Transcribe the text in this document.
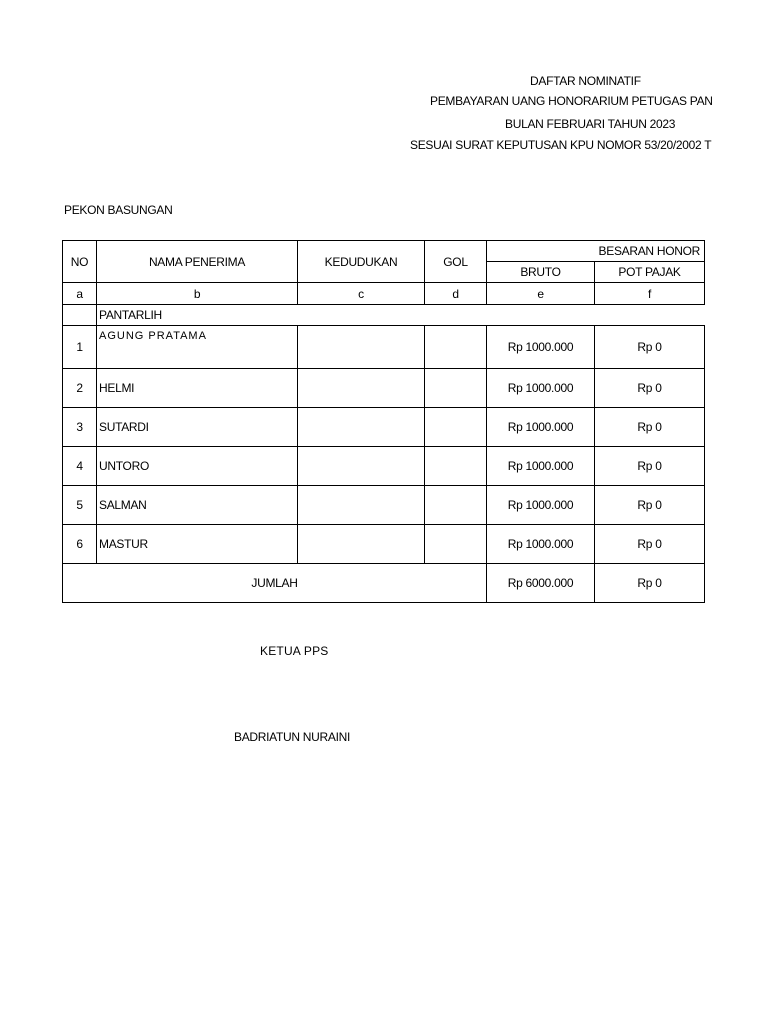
DAFTAR NOMINATIF
PEMBAYARAN UANG HONORARIUM PETUGAS PAN
BULAN FEBRUARI TAHUN 2023
SESUAI SURAT KEPUTUSAN KPU NOMOR 53/20/2002 T
PEKON BASUNGAN
NO	NAMA PENERIMA	KEDUDUKAN	GOL	BESARAN HONOR	
				BRUTO	POT PAJAK
a	b	c	d	e	f
	PANTARLIH				
1	AGUNG PRATAMA			Rp 1000.000	Rp 0
2	HELMI			Rp 1000.000	Rp 0
3	SUTARDI			Rp 1000.000	Rp 0
4	UNTORO			Rp 1000.000	Rp 0
5	SALMAN			Rp 1000.000	Rp 0
6	MASTUR			Rp 1000.000	Rp 0
JUMLAH				Rp 6000.000	Rp 0
KETUA PPS
BADRIATUN NURAINI
